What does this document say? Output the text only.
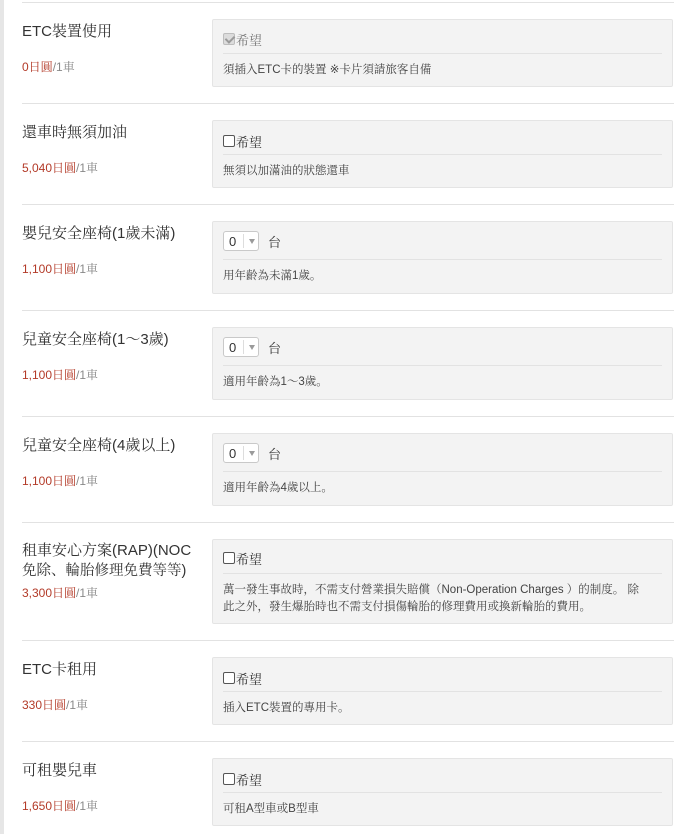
ETC裝置使用
0日圓/1車
希望
須插入ETC卡的裝置 ※卡片須請旅客自備
還車時無須加油
5,040日圓/1車
希望
無須以加滿油的狀態還車
嬰兒安全座椅(1歲未滿)
1,100日圓/1車
0	台
用年齡為未滿1歲。
兒童安全座椅(1～3歲)
1,100日圓/1車
0	台
適用年齡為1～3歲。
兒童安全座椅(4歲以上)
1,100日圓/1車
0	台
適用年齡為4歲以上。
租車安心方案(RAP)(NOC
免除、輪胎修理免費等等)
3,300日圓/1車
希望
萬一發生事故時，不需支付營業損失賠償（Non-Operation Charges ）的制度。 除
此之外，發生爆胎時也不需支付損傷輪胎的修理費用或換新輪胎的費用。
ETC卡租用
330日圓/1車
希望
插入ETC裝置的專用卡。
可租嬰兒車
1,650日圓/1車
希望
可租A型車或B型車
